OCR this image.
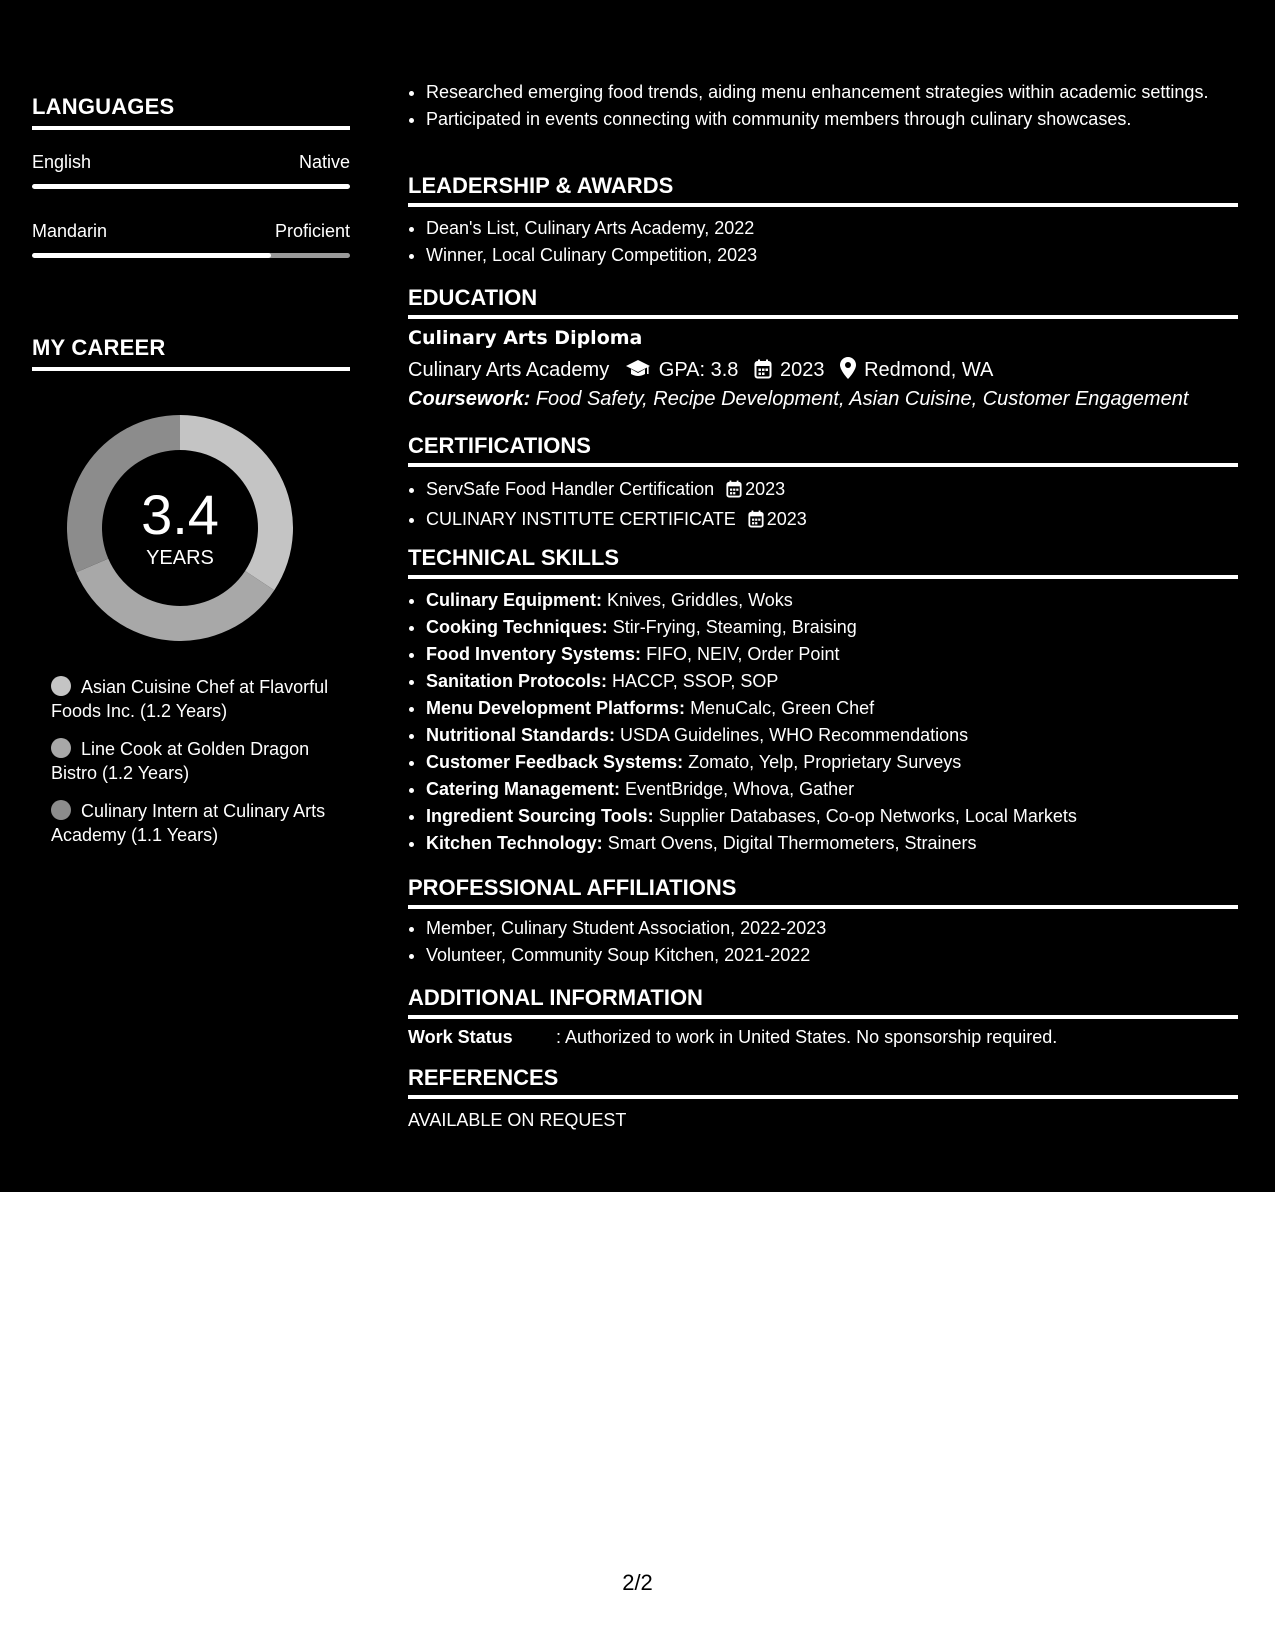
LANGUAGES
English	Native
Mandarin	Proficient
MY CAREER
3.4
YEARS
Asian Cuisine Chef at Flavorful Foods Inc. (1.2 Years)
Line Cook at Golden Dragon Bistro (1.2 Years)
Culinary Intern at Culinary Arts Academy (1.1 Years)
• Researched emerging food trends, aiding menu enhancement strategies within academic settings.
• Participated in events connecting with community members through culinary showcases.
LEADERSHIP & AWARDS
• Dean's List, Culinary Arts Academy, 2022
• Winner, Local Culinary Competition, 2023
EDUCATION
Culinary Arts Diploma
Culinary Arts Academy GPA: 3.8 2023 Redmond, WA
Coursework: Food Safety, Recipe Development, Asian Cuisine, Customer Engagement
CERTIFICATIONS
• ServSafe Food Handler Certification 2023
• CULINARY INSTITUTE CERTIFICATE 2023
TECHNICAL SKILLS
• Culinary Equipment: Knives, Griddles, Woks
• Cooking Techniques: Stir-Frying, Steaming, Braising
• Food Inventory Systems: FIFO, NEIV, Order Point
• Sanitation Protocols: HACCP, SSOP, SOP
• Menu Development Platforms: MenuCalc, Green Chef
• Nutritional Standards: USDA Guidelines, WHO Recommendations
• Customer Feedback Systems: Zomato, Yelp, Proprietary Surveys
• Catering Management: EventBridge, Whova, Gather
• Ingredient Sourcing Tools: Supplier Databases, Co-op Networks, Local Markets
• Kitchen Technology: Smart Ovens, Digital Thermometers, Strainers
PROFESSIONAL AFFILIATIONS
• Member, Culinary Student Association, 2022-2023
• Volunteer, Community Soup Kitchen, 2021-2022
ADDITIONAL INFORMATION
Work Status : Authorized to work in United States. No sponsorship required.
REFERENCES
AVAILABLE ON REQUEST
2/2
